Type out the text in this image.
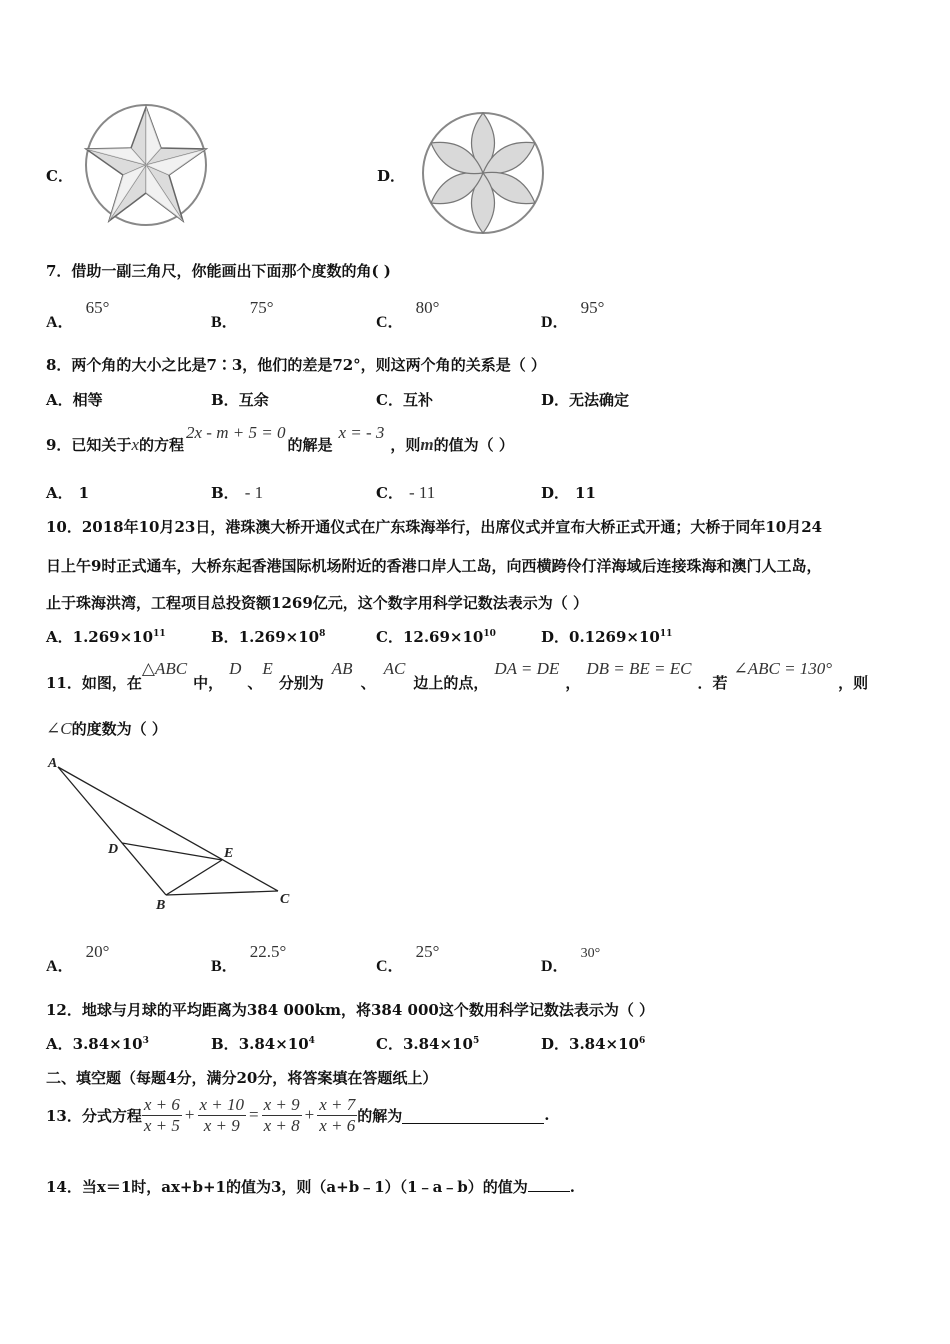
C．	D．
7．借助一副三角尺，你能画出下面那个度数的角( )
A．65°
B．75°
C．80°
D．95°
8．两个角的大小之比是7∶3，他们的差是72°，则这两个角的关系是（ ）
A．相等	B．互余	C．互补	D．无法确定
9．已知关于x的方程2x - m + 5 = 0的解是x = - 3，则m的值为（ ）
A． 1	B． - 1	C． - 11	D． 11
10．2018年10月23日，港珠澳大桥开通仪式在广东珠海举行，出席仪式并宣布大桥正式开通；大桥于同年10月24
日上午9时正式通车，大桥东起香港国际机场附近的香港口岸人工岛，向西横跨伶仃洋海域后连接珠海和澳门人工岛，
止于珠海洪湾，工程项目总投资额1269亿元，这个数字用科学记数法表示为（ ）
A．$1.269\times 10^{11}$	B．$1.269\times 10^8$	C．$12.69\times 10^{10}$	D．$0.1269\times 10^{11}$
11．如图，在△ABC中，D、E分别为AB、AC边上的点，DA = DE，DB = BE = EC．若∠ABC = 130°，则
∠C的度数为（ ）
A
D	E
B	C
A．20°
B．22.5°
C．25°
D．30°
12．地球与月球的平均距离为384 000km，将384 000这个数用科学记数法表示为（ ）
A．$3.84\times 10^3$	B．$3.84\times 10^4$	C．$3.84\times 10^5$	D．$3.84\times 10^6$
二、填空题（每题4分，满分20分，将答案填在答题纸上）
13．分式方程 $\frac{x + 6}{x + 5} + \frac{x + 10}{x + 9} = \frac{x + 9}{x + 8} + \frac{x + 7}{x + 6}$ 的解为	.
14．当x＝1时，ax+b+1的值为3，则（a+b﹣1）（1﹣a﹣b）的值为	.
